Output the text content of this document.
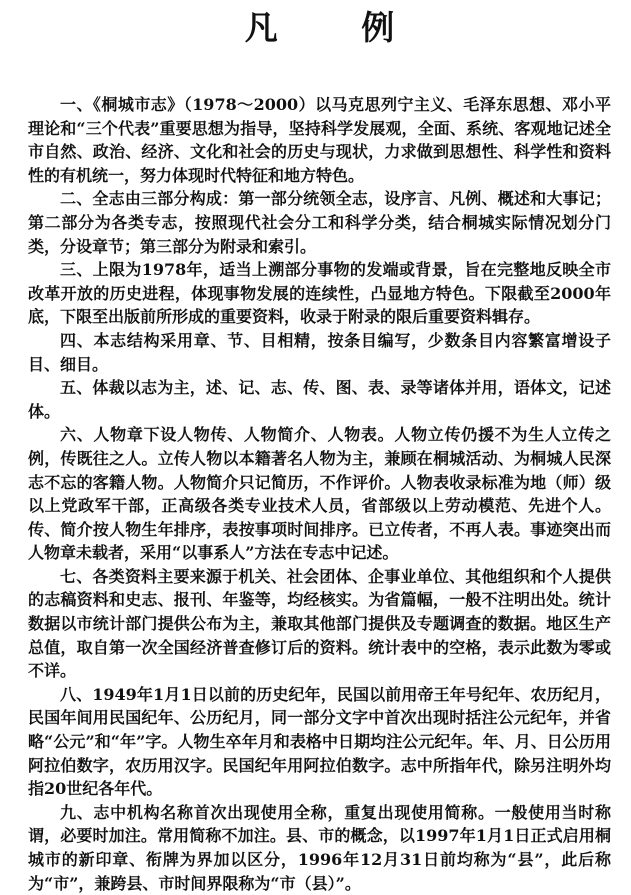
凡 例

一、《桐城市志》（1978～2000）以马克思列宁主义、毛泽东思想、邓小平理论和“三个代表”重要思想为指导，坚持科学发展观，全面、系统、客观地记述全市自然、政治、经济、文化和社会的历史与现状，力求做到思想性、科学性和资料性的有机统一，努力体现时代特征和地方特色。

二、全志由三部分构成：第一部分统领全志，设序言、凡例、概述和大事记；第二部分为各类专志，按照现代社会分工和科学分类，结合桐城实际情况划分门类，分设章节；第三部分为附录和索引。

三、上限为1978年，适当上溯部分事物的发端或背景，旨在完整地反映全市改革开放的历史进程，体现事物发展的连续性，凸显地方特色。下限截至2000年底，下限至出版前所形成的重要资料，收录于附录的限后重要资料辑存。

四、本志结构采用章、节、目相精，按条目编写，少数条目内容繁富增设子目、细目。

五、体裁以志为主，述、记、志、传、图、表、录等诸体并用，语体文，记述体。

六、人物章下设人物传、人物简介、人物表。人物立传仍援不为生人立传之例，传既往之人。立传人物以本籍著名人物为主，兼顾在桐城活动、为桐城人民深志不忘的客籍人物。人物简介只记简历，不作评价。人物表收录标准为地（师）级以上党政军干部，正高级各类专业技术人员，省部级以上劳动模范、先进个人。传、简介按人物生年排序，表按事项时间排序。已立传者，不再人表。事迹突出而人物章未载者，采用“以事系人”方法在专志中记述。

七、各类资料主要来源于机关、社会团体、企事业单位、其他组织和个人提供的志稿资料和史志、报刊、年鉴等，均经核实。为省篇幅，一般不注明出处。统计数据以市统计部门提供公布为主，兼取其他部门提供及专题调查的数据。地区生产总值，取自第一次全国经济普查修订后的资料。统计表中的空格，表示此数为零或不详。

八、1949年1月1日以前的历史纪年，民国以前用帝王年号纪年、农历纪月，民国年间用民国纪年、公历纪月，同一部分文字中首次出现时括注公元纪年，并省略“公元”和“年”字。人物生卒年月和表格中日期均注公元纪年。年、月、日公历用阿拉伯数字，农历用汉字。民国纪年用阿拉伯数字。志中所指年代，除另注明外均指20世纪各年代。

九、志中机构名称首次出现使用全称，重复出现使用简称。一般使用当时称谓，必要时加注。常用简称不加注。县、市的概念，以1997年1月1日正式启用桐城市的新印章、衔牌为界加以区分，1996年12月31日前均称为“县”，此后称为“市”，兼跨县、市时间界限称为“市（县）”。
